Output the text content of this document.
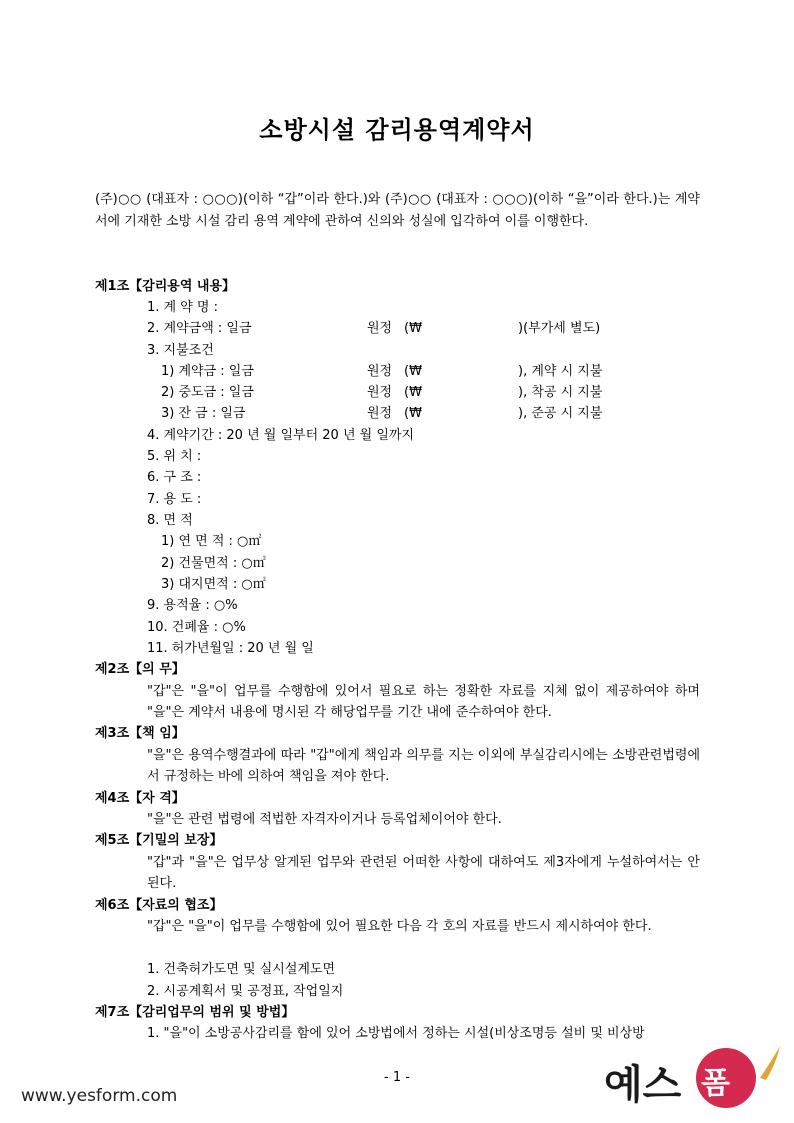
소방시설 감리용역계약서
(주)○○ (대표자 : ○○○)(이하 “갑”이라 한다.)와 (주)○○ (대표자 : ○○○)(이하 “을”이라 한다.)는 계약서에 기재한 소방 시설 감리 용역 계약에 관하여 신의와 성실에 입각하여 이를 이행한다.
제1조【감리용역 내용】
1. 계 약 명 :
2. 계약금액 : 일금	원정 (₩	)(부가세 별도)
3. 지불조건
1) 계약금 : 일금	원정 (₩	), 계약 시 지불
2) 중도금 : 일금	원정 (₩	), 착공 시 지불
3) 잔 금 : 일금	원정 (₩	), 준공 시 지불
4. 계약기간 : 20 년 월 일부터 20 년 월 일까지
5. 위 치 :
6. 구 조 :
7. 용 도 :
8. 면 적
1) 연 면 적 : ○㎡
2) 건물면적 : ○㎡
3) 대지면적 : ○㎡
9. 용적율 : ○%
10. 건폐율 : ○%
11. 허가년월일 : 20 년 월 일
제2조【의 무】
"갑"은 "을"이 업무를 수행함에 있어서 필요로 하는 정확한 자료를 지체 없이 제공하여야 하며 "을"은 계약서 내용에 명시된 각 해당업무를 기간 내에 준수하여야 한다.
제3조【책 임】
"을"은 용역수행결과에 따라 "갑"에게 책임과 의무를 지는 이외에 부실감리시에는 소방관련법령에서 규정하는 바에 의하여 책임을 져야 한다.
제4조【자 격】
"을"은 관련 법령에 적법한 자격자이거나 등록업체이어야 한다.
제5조【기밀의 보장】
"갑"과 "을"은 업무상 알게된 업무와 관련된 어떠한 사항에 대하여도 제3자에게 누설하여서는 안 된다.
제6조【자료의 협조】
"갑"은 "을"이 업무를 수행함에 있어 필요한 다음 각 호의 자료를 반드시 제시하여야 한다.
1. 건축허가도면 및 실시설계도면
2. 시공계획서 및 공정표, 작업일지
제7조【감리업무의 범위 및 방법】
1. "을"이 소방공사감리를 함에 있어 소방법에서 정하는 시설(비상조명등 설비 및 비상방
- 1 -
www.yesform.com	예스 폼
